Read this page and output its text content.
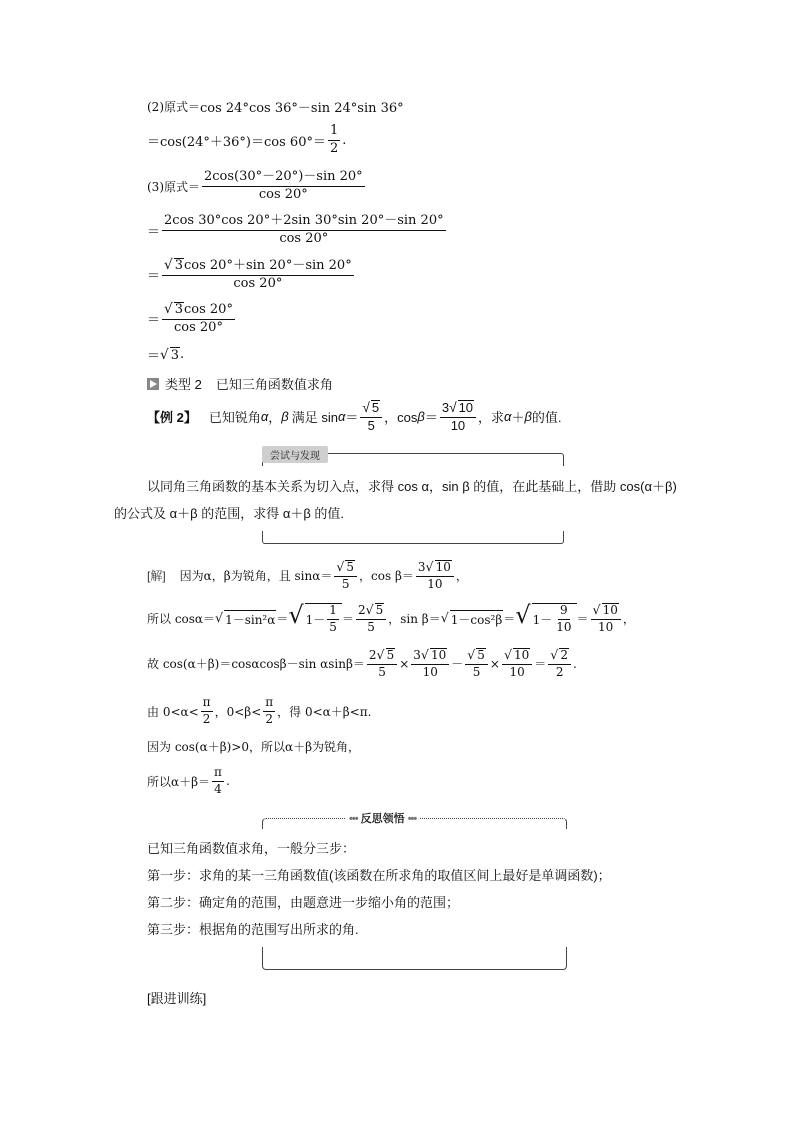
(2)原式＝ cos 24°cos 36°－sin 24°sin 36°
＝cos(24°＋36°)＝cos $60^\circ= \frac{1}{2}$ .
(3)原式＝ $\frac{2\cos(30^\circ-20^\circ)-\sin 20^\circ}{\cos 20^\circ}$
＝ $\frac{2\cos 30^\circ\cos 20^\circ+2\sin 30^\circ\sin 20^\circ-\sin 20^\circ}{\cos 20^\circ}$
＝ $\frac{√ 3 \cos 20^\circ+\sin 20^\circ-\sin 20^\circ}{\cos 20^\circ}$
＝ $\frac{√ 3 \cos 20^\circ}{\cos 20^\circ}$
＝ √ 3 .
类型 2 已知三角函数值求角
【例 2】 已知锐角 α ， β 满足 $\sin \alpha = \frac{√ 5}{5}$ ，$\cos \beta = \frac{3 √ 10}{10}$ ，求 α ＋ β 的值.
尝试与发现
以同角三角函数的基本关系为切入点，求得 cos α，sin β 的值，在此基础上，借助 cos(α＋β)
的公式及 α＋β 的范围，求得 α＋β 的值.
[解] 因为α，β为锐角，且 $\sin\alpha= \frac{√ 5}{5}$ ，$\cos \beta= \frac{3 √ 10}{10}$ ，
所以 cosα＝ √ 1－sin²α ＝ √ $1- \frac{1}{5} = \frac{2 √ 5}{5}$ ，sin β＝ √ 1－cos²β ＝ √ $1- \frac{9}{10} = \frac{√ 10}{10}$ ，
故 cos(α＋β)＝cosαcosβ－sin $\alpha\sin\beta= \frac{2 √ 5}{5} \times \frac{3 √ 10}{10} - \frac{√ 5}{5} \times \frac{√ 10}{10} = \frac{√ 2}{2}$ .
由 $0<\alpha< \frac{\pi}{2}$ ，$0<\beta< \frac{\pi}{2}$ ，得 0<α＋β<π.
因为 cos(α＋β)>0，所以α＋β为锐角，
所以$\alpha+\beta= \frac{\pi}{4}$ .
••• 反思领悟 •••
已知三角函数值求角，一般分三步：
第一步：求角的某一三角函数值(该函数在所求角的取值区间上最好是单调函数)；
第二步：确定角的范围，由题意进一步缩小角的范围；
第三步：根据角的范围写出所求的角.
[跟进训练]
